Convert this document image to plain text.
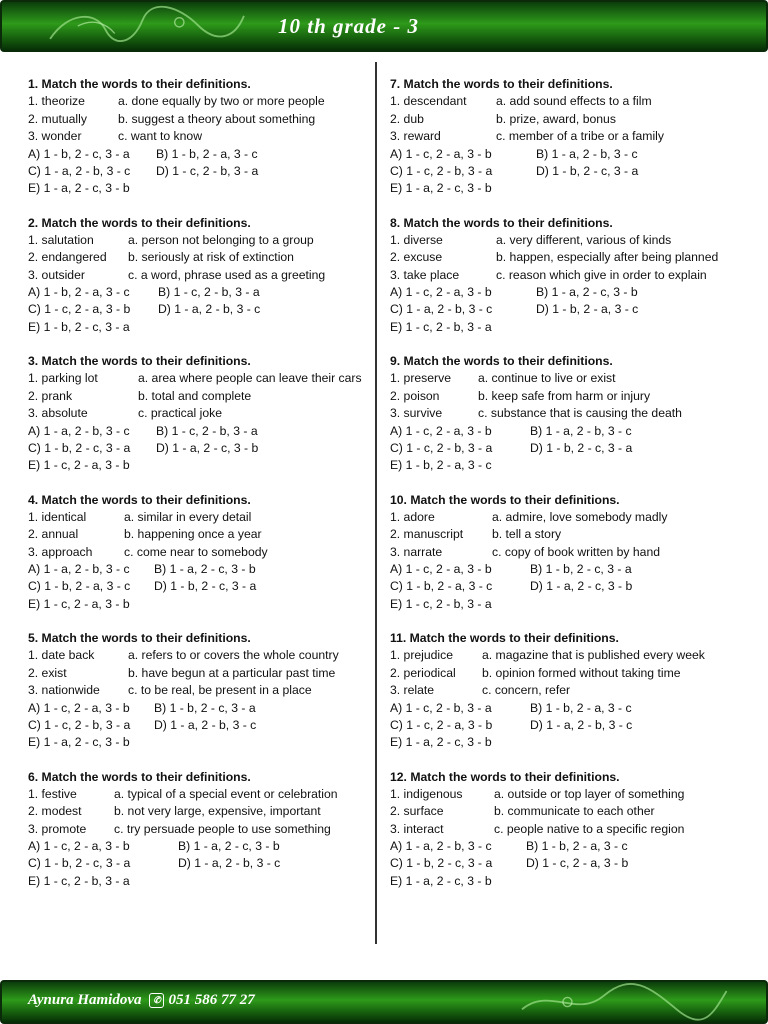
10 th grade - 3
1. Match the words to their definitions.
1. theorize	a. done equally by two or more people
2. mutually	b. suggest a theory about something
3. wonder	c. want to know
A) 1 - b, 2 - c, 3 - a B) 1 - b, 2 - a, 3 - c
C) 1 - a, 2 - b, 3 - c D) 1 - c, 2 - b, 3 - a
E) 1 - a, 2 - c, 3 - b
2. Match the words to their definitions.
1. salutation	a. person not belonging to a group
2. endangered b. seriously at risk of extinction
3. outsider	c. a word, phrase used as a greeting
A) 1 - b, 2 - a, 3 - c B) 1 - c, 2 - b, 3 - a
C) 1 - c, 2 - a, 3 - b D) 1 - a, 2 - b, 3 - c
E) 1 - b, 2 - c, 3 - a
3. Match the words to their definitions.
1. parking lot	a. area where people can leave their cars
2. prank	b. total and complete
3. absolute	c. practical joke
A) 1 - a, 2 - b, 3 - c B) 1 - c, 2 - b, 3 - a
C) 1 - b, 2 - c, 3 - a D) 1 - a, 2 - c, 3 - b
E) 1 - c, 2 - a, 3 - b
4. Match the words to their definitions.
1. identical	a. similar in every detail
2. annual	b. happening once a year
3. approach	c. come near to somebody
A) 1 - a, 2 - b, 3 - c B) 1 - a, 2 - c, 3 - b
C) 1 - b, 2 - a, 3 - c D) 1 - b, 2 - c, 3 - a
E) 1 - c, 2 - a, 3 - b
5. Match the words to their definitions.
1. date back	a. refers to or covers the whole country
2. exist	b. have begun at a particular past time
3. nationwide c. to be real, be present in a place
A) 1 - c, 2 - a, 3 - b B) 1 - b, 2 - c, 3 - a
C) 1 - c, 2 - b, 3 - a D) 1 - a, 2 - b, 3 - c
E) 1 - a, 2 - c, 3 - b
6. Match the words to their definitions.
1. festive	a. typical of a special event or celebration
2. modest	b. not very large, expensive, important
3. promote c. try persuade people to use something
A) 1 - c, 2 - a, 3 - b	B) 1 - a, 2 - c, 3 - b
C) 1 - b, 2 - c, 3 - a	D) 1 - a, 2 - b, 3 - c
E) 1 - c, 2 - b, 3 - a
7. Match the words to their definitions.
1. descendant a. add sound effects to a film
2. dub	b. prize, award, bonus
3. reward	c. member of a tribe or a family
A) 1 - c, 2 - a, 3 - b	B) 1 - a, 2 - b, 3 - c
C) 1 - c, 2 - b, 3 - a	D) 1 - b, 2 - c, 3 - a
E) 1 - a, 2 - c, 3 - b
8. Match the words to their definitions.
1. diverse	a. very different, various of kinds
2. excuse	b. happen, especially after being planned
3. take place	c. reason which give in order to explain
A) 1 - c, 2 - a, 3 - b	B) 1 - a, 2 - c, 3 - b
C) 1 - a, 2 - b, 3 - c	D) 1 - b, 2 - a, 3 - c
E) 1 - c, 2 - b, 3 - a
9. Match the words to their definitions.
1. preserve a. continue to live or exist
2. poison	b. keep safe from harm or injury
3. survive	c. substance that is causing the death
A) 1 - c, 2 - a, 3 - b	B) 1 - a, 2 - b, 3 - c
C) 1 - c, 2 - b, 3 - a	D) 1 - b, 2 - c, 3 - a
E) 1 - b, 2 - a, 3 - c
10. Match the words to their definitions.
1. adore	a. admire, love somebody madly
2. manuscript b. tell a story
3. narrate	c. copy of book written by hand
A) 1 - c, 2 - a, 3 - b	B) 1 - b, 2 - c, 3 - a
C) 1 - b, 2 - a, 3 - c	D) 1 - a, 2 - c, 3 - b
E) 1 - c, 2 - b, 3 - a
11. Match the words to their definitions.
1. prejudice a. magazine that is published every week
2. periodical b. opinion formed without taking time
3. relate	c. concern, refer
A) 1 - c, 2 - b, 3 - a	B) 1 - b, 2 - a, 3 - c
C) 1 - c, 2 - a, 3 - b	D) 1 - a, 2 - b, 3 - c
E) 1 - a, 2 - c, 3 - b
12. Match the words to their definitions.
1. indigenous	a. outside or top layer of something
2. surface	b. communicate to each other
3. interact	c. people native to a specific region
A) 1 - a, 2 - b, 3 - c	B) 1 - b, 2 - a, 3 - c
C) 1 - b, 2 - c, 3 - a	D) 1 - c, 2 - a, 3 - b
E) 1 - a, 2 - c, 3 - b
Aynura Hamidova	✆ 051 586 77 27
